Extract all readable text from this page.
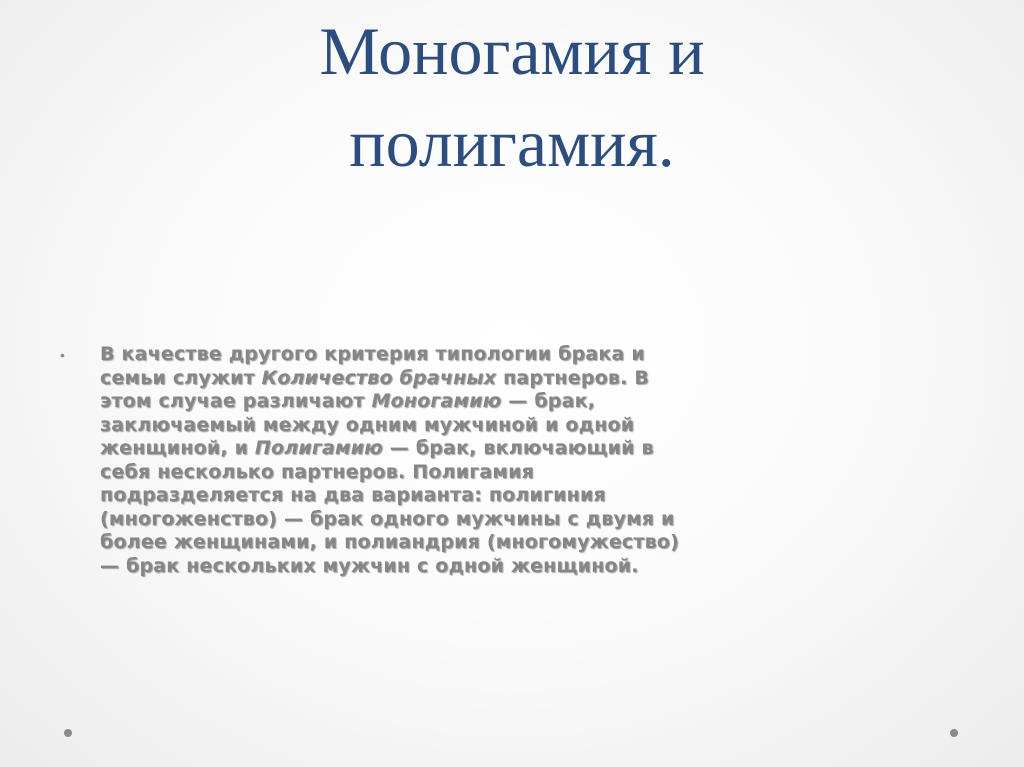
Моногамия и
полигамия.
•	В качестве другого критерия типологии брака и семьи служит Количество брачных партнеров. В этом случае различают Моногамию — брак, заключаемый между одним мужчиной и одной женщиной, и Полигамию — брак, включающий в себя несколько партнеров. Полигамия подразделяется на два варианта: полигиния (многоженство) — брак одного мужчины с двумя и более женщинами, и полиандрия (многомужество) — брак нескольких мужчин с одной женщиной.
